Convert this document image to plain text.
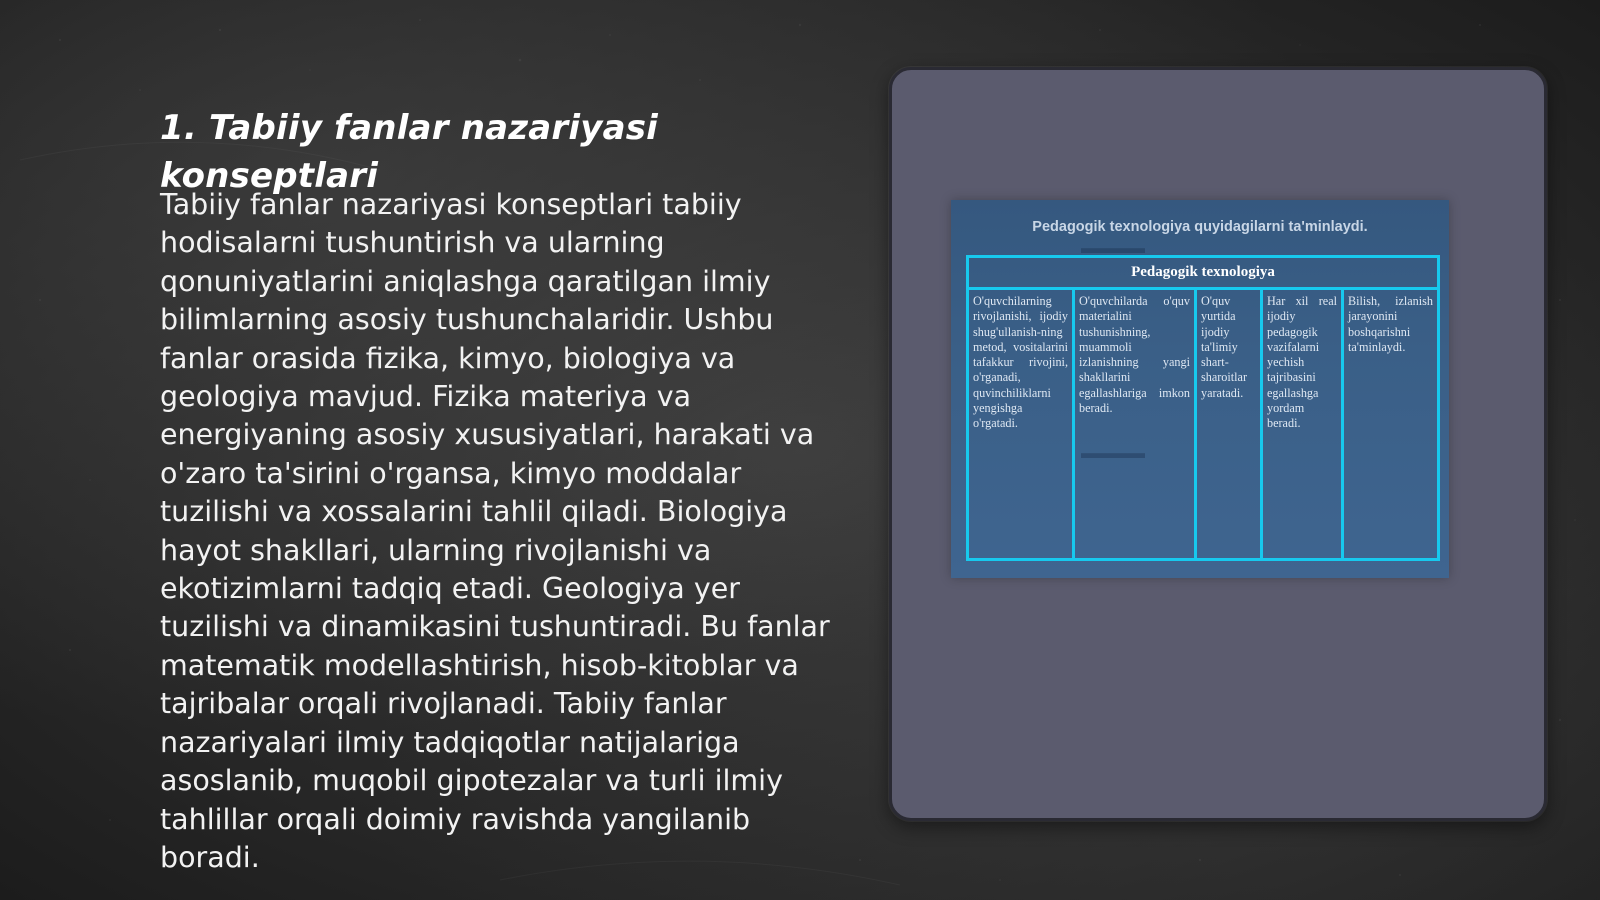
1. Tabiiy fanlar nazariyasi konseptlari

Tabiiy fanlar nazariyasi konseptlari tabiiy hodisalarni tushuntirish va ularning qonuniyatlarini aniqlashga qaratilgan ilmiy bilimlarning asosiy tushunchalaridir. Ushbu fanlar orasida fizika, kimyo, biologiya va geologiya mavjud. Fizika materiya va energiyaning asosiy xususiyatlari, harakati va o'zaro ta'sirini o'rgansa, kimyo moddalar tuzilishi va xossalarini tahlil qiladi. Biologiya hayot shakllari, ularning rivojlanishi va ekotizimlarni tadqiq etadi. Geologiya yer tuzilishi va dinamikasini tushuntiradi. Bu fanlar matematik modellashtirish, hisob-kitoblar va tajribalar orqali rivojlanadi. Tabiiy fanlar nazariyalari ilmiy tadqiqotlar natijalariga asoslanib, muqobil gipotezalar va turli ilmiy tahlillar orqali doimiy ravishda yangilanib boradi.

▬▬▬▬
▬▬▬▬
Pedagogik texnologiya quyidagilarni ta'minlaydi.
Pedagogik texnologiya
O'quvchilarning rivojlanishi, ijodiy shug'ullanish-ning metod, vositalarini tafakkur rivojini, o'rganadi, quvinchiliklarni yengishga o'rgatadi.
O'quvchilarda o'quv materialini tushunishning, muammoli izlanishning yangi shakllarini egallashlariga imkon beradi.
O'quv yurtida ijodiy ta'limiy shart-sharoitlar yaratadi.
Har xil real ijodiy pedagogik vazifalarni yechish tajribasini egallashga yordam beradi.
Bilish, izlanish jarayonini boshqarishni ta'minlaydi.
